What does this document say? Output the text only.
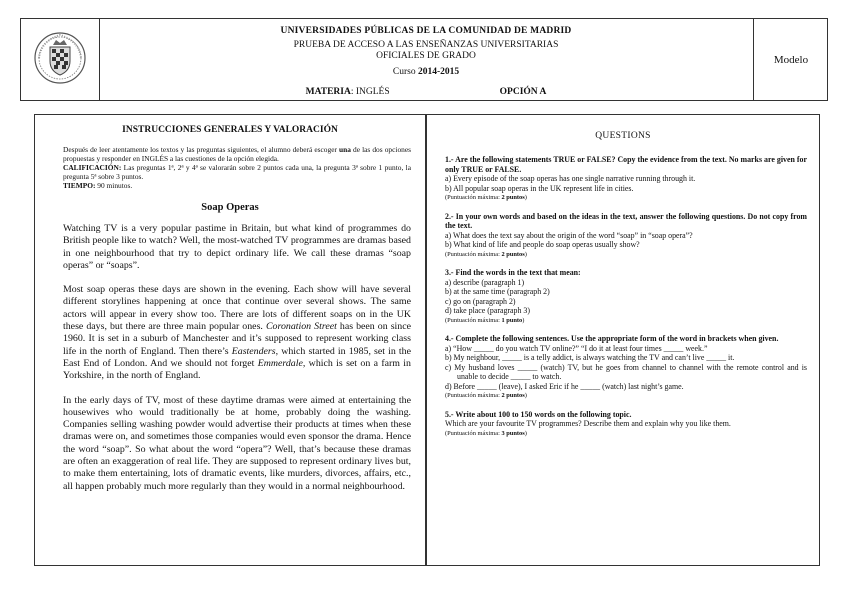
UNIVERSIDADES PÚBLICAS DE LA COMUNIDAD DE MADRID
PRUEBA DE ACCESO A LAS ENSEÑANZAS UNIVERSITARIAS
OFICIALES DE GRADO
Curso 2014-2015
MATERIA: INGLÉS	OPCIÓN A
Modelo
INSTRUCCIONES GENERALES Y VALORACIÓN

Después de leer atentamente los textos y las preguntas siguientes, el alumno deberá escoger una de las dos opciones propuestas y responder en INGLÉS a las cuestiones de la opción elegida.

CALIFICACIÓN: Las preguntas 1ª, 2ª y 4ª se valorarán sobre 2 puntos cada una, la pregunta 3ª sobre 1 punto, la pregunta 5ª sobre 3 puntos.

TIEMPO: 90 minutos.

Soap Operas

Watching TV is a very popular pastime in Britain, but what kind of programmes do British people like to watch? Well, the most-watched TV programmes are dramas based in one neighbourhood that try to depict ordinary life. We call these dramas “soap operas” or “soaps”.

Most soap operas these days are shown in the evening. Each show will have several different storylines happening at once that continue over several shows. The same actors will appear in every show too. There are lots of different soaps on in the UK these days, but there are three main popular ones. Coronation Street has been on since 1960. It is set in a suburb of Manchester and it’s supposed to represent working class life in the north of England. Then there’s Eastenders, which started in 1985, set in the East End of London. And we should not forget Emmerdale, which is set on a farm in Yorkshire, in the north of England.

In the early days of TV, most of these daytime dramas were aimed at entertaining the housewives who would traditionally be at home, probably doing the washing. Companies selling washing powder would advertise their products at times when these dramas were on, and sometimes those companies would even sponsor the drama. Hence the word “soap”. So what about the word “opera”? Well, that’s because these dramas are often an exaggeration of real life. They are supposed to represent ordinary lives but, to make them entertaining, lots of dramatic events, like murders, divorces, affairs, etc., all happen probably much more regularly than they would in a normal neighbourhood.

QUESTIONS
1.- Are the following statements TRUE or FALSE? Copy the evidence from the text. No marks are given for only TRUE or FALSE.
a) Every episode of the soap operas has one single narrative running through it.
b) All popular soap operas in the UK represent life in cities.
(Puntuación máxima: 2 puntos)
2.- In your own words and based on the ideas in the text, answer the following questions. Do not copy from the text.
a) What does the text say about the origin of the word “soap” in “soap opera”?
b) What kind of life and people do soap operas usually show?
(Puntuación máxima: 2 puntos)
3.- Find the words in the text that mean:
a) describe (paragraph 1)
b) at the same time (paragraph 2)
c) go on (paragraph 2)
d) take place (paragraph 3)
(Puntuación máxima: 1 punto)
4.- Complete the following sentences. Use the appropriate form of the word in brackets when given.
a) “How _____ do you watch TV online?” “I do it at least four times _____ week.”
b) My neighbour, _____ is a telly addict, is always watching the TV and can’t live _____ it.
c) My husband loves _____ (watch) TV, but he goes from channel to channel with the remote control and is unable to decide _____ to watch.
d) Before _____ (leave), I asked Eric if he _____ (watch) last night’s game.
(Puntuación máxima: 2 puntos)
5.- Write about 100 to 150 words on the following topic.
Which are your favourite TV programmes? Describe them and explain why you like them.
(Puntuación máxima: 3 puntos)
